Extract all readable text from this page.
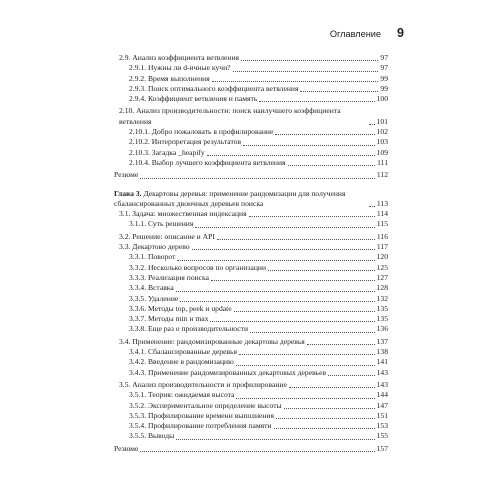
Оглавление 9
2.9. Анализ коэффициента ветвления	97
2.9.1. Нужны ли d-ичные кучи?	97
2.9.2. Время выполнения	99
2.9.3. Поиск оптимального коэффициента ветвления	99
2.9.4. Коэффициент ветвления и память	100
2.10. Анализ производительности: поиск наилучшего коэффициента ветвления	101
2.10.1. Добро пожаловать в профилирование	102
2.10.2. Интерпретация результатов	103
2.10.3. Загадка _heapify	109
2.10.4. Выбор лучшего коэффициента ветвления	111
Резюме	112
Глава 3. Декартовы деревья: применение рандомизации для получения сбалансированных двоичных деревьев поиска	113
3.1. Задача: множественная индексация	114
3.1.1. Суть решения	115
3.2. Решение: описание и API	116
3.3. Декартово дерево	117
3.3.1. Поворот	120
3.3.2. Несколько вопросов по организации	125
3.3.3. Реализация поиска	127
3.3.4. Вставка	128
3.3.5. Удаление	132
3.3.6. Методы top, peek и update	135
3.3.7. Методы min и max	135
3.3.8. Еще раз о производительности	136
3.4. Применение: рандомизированные декартовы деревья	137
3.4.1. Сбалансированные деревья	138
3.4.2. Введение в рандомизацию	141
3.4.3. Применение рандомизированных декартовых деревьев	143
3.5. Анализ производительности и профилирование	143
3.5.1. Теория: ожидаемая высота	144
3.5.2. Экспериментальное определение высоты	147
3.5.3. Профилирование времени выполнения	151
3.5.4. Профилирование потребления памяти	153
3.5.5. Выводы	155
Резюме	157
